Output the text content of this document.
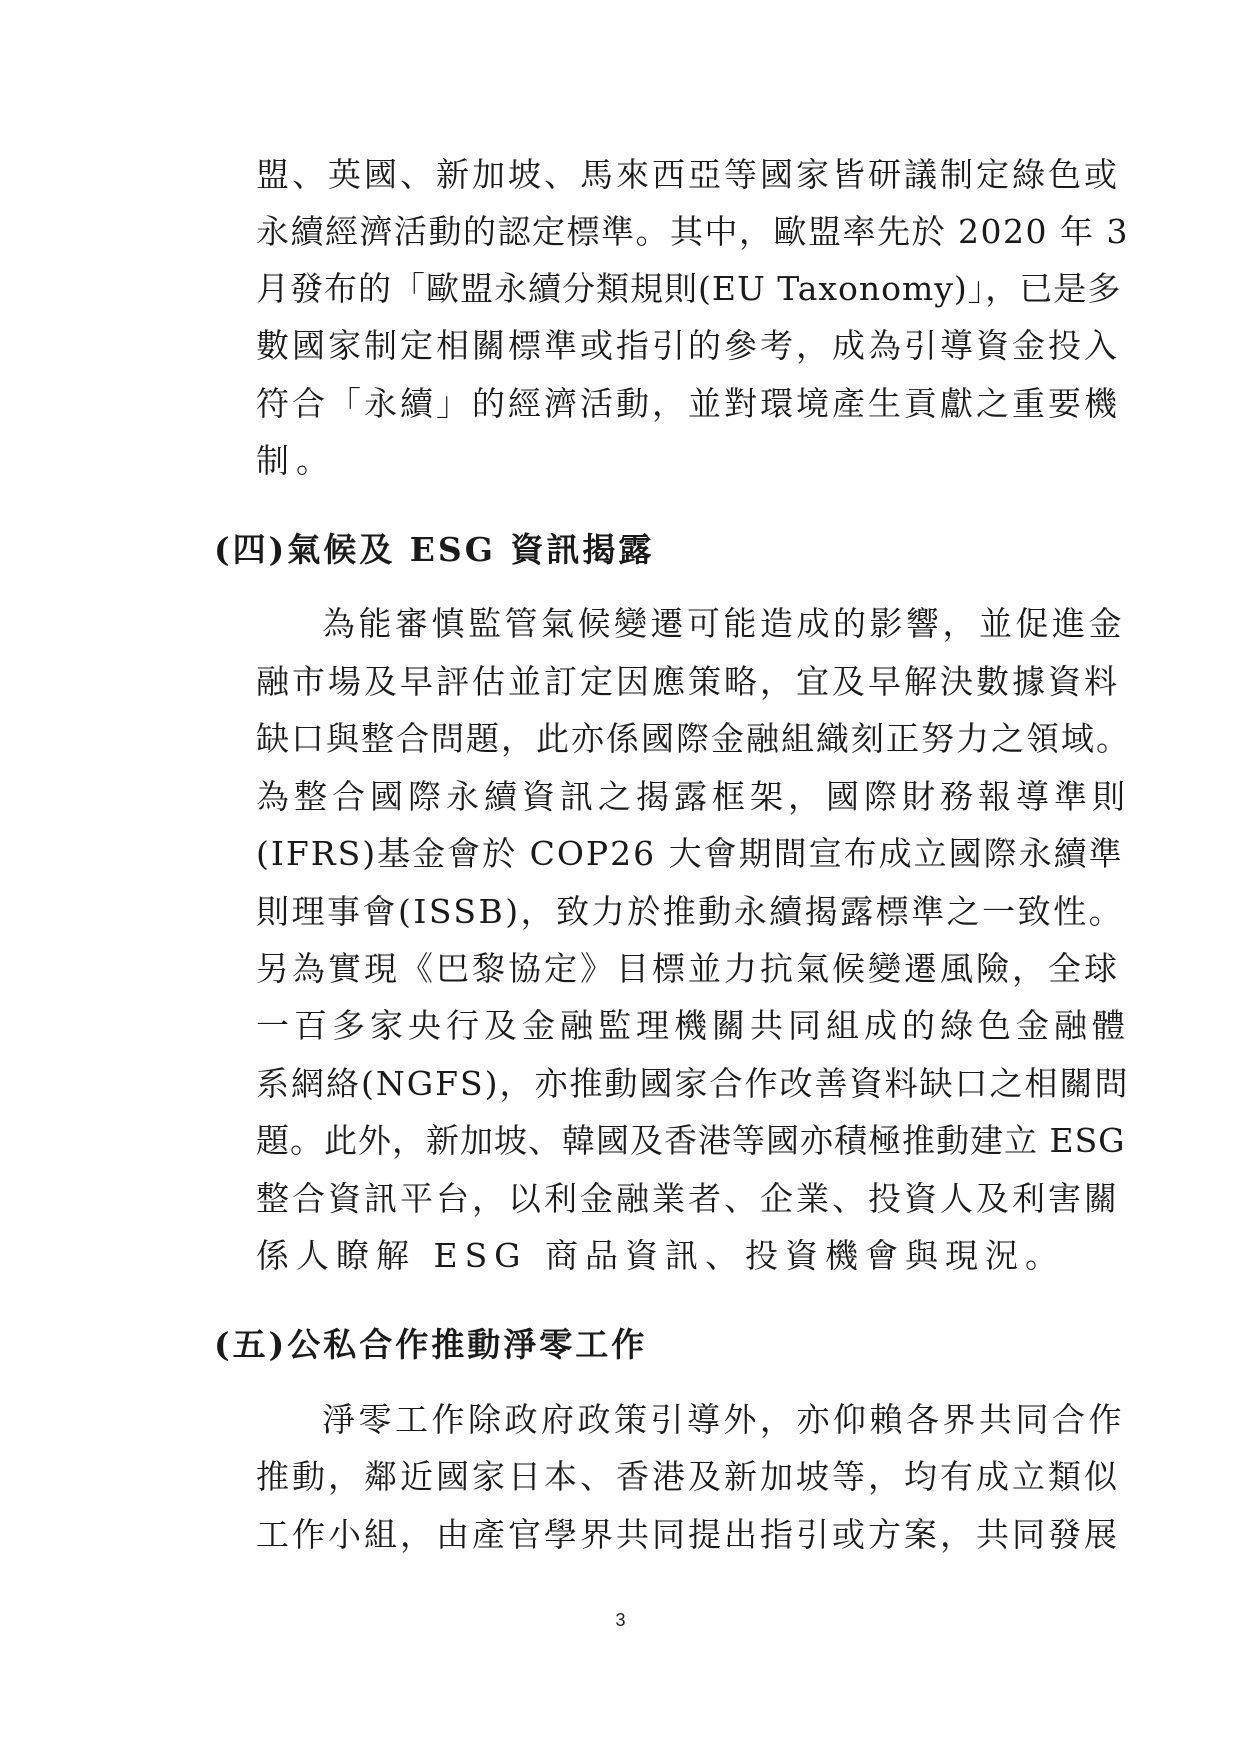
盟、英國、新加坡、馬來西亞等國家皆研議制定綠色或
永續經濟活動的認定標準。其中，歐盟率先於 2020 年 3
月發布的「歐盟永續分類規則(EU Taxonomy)」，已是多
數國家制定相關標準或指引的參考，成為引導資金投入
符合「永續」的經濟活動，並對環境產生貢獻之重要機
制。
(四)氣候及 ESG 資訊揭露
為能審慎監管氣候變遷可能造成的影響，並促進金
融市場及早評估並訂定因應策略，宜及早解決數據資料
缺口與整合問題，此亦係國際金融組織刻正努力之領域。
為整合國際永續資訊之揭露框架，國際財務報導準則
(IFRS)基金會於 COP26 大會期間宣布成立國際永續準
則理事會(ISSB)，致力於推動永續揭露標準之一致性。
另為實現《巴黎協定》目標並力抗氣候變遷風險，全球
一百多家央行及金融監理機關共同組成的綠色金融體
系網絡(NGFS)，亦推動國家合作改善資料缺口之相關問
題。此外，新加坡、韓國及香港等國亦積極推動建立 ESG
整合資訊平台，以利金融業者、企業、投資人及利害關
係人瞭解 ESG 商品資訊、投資機會與現況。
(五)公私合作推動淨零工作
淨零工作除政府政策引導外，亦仰賴各界共同合作
推動，鄰近國家日本、香港及新加坡等，均有成立類似
工作小組，由產官學界共同提出指引或方案，共同發展
3
